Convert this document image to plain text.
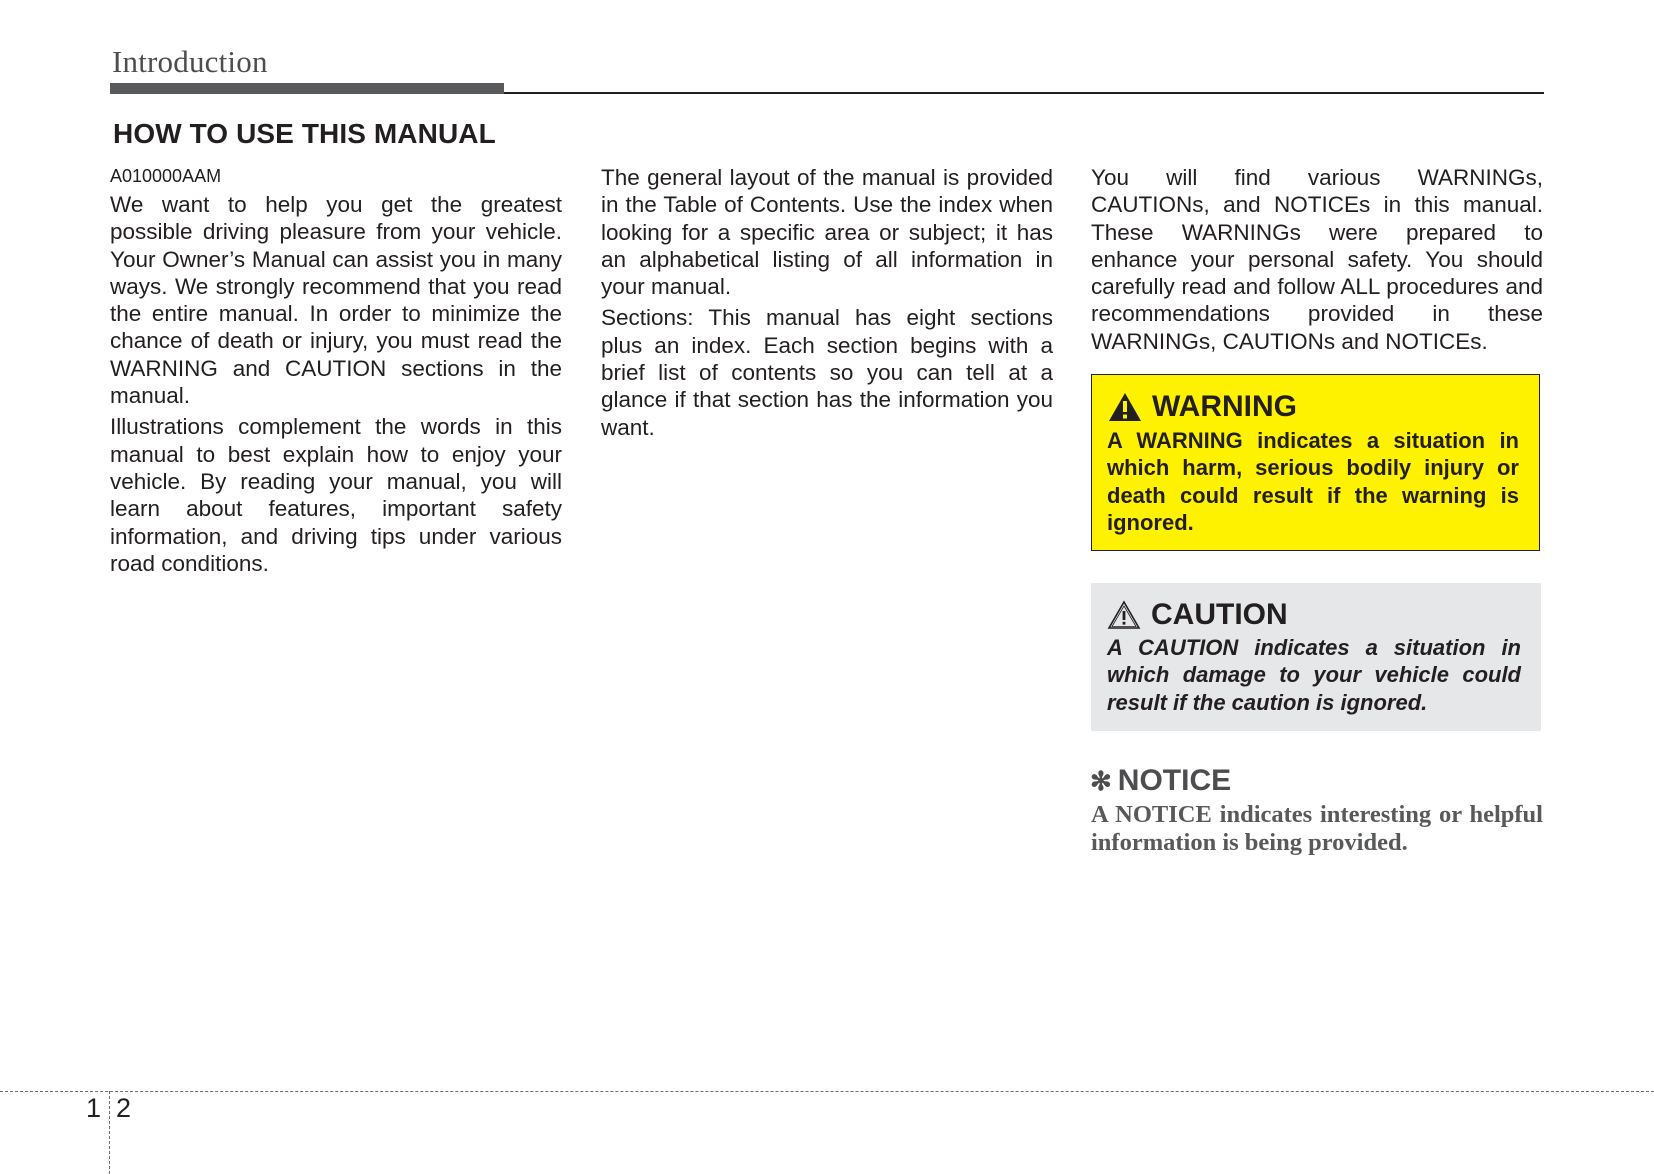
Introduction
HOW TO USE THIS MANUAL
A010000AAM

We want to help you get the greatest possible driving pleasure from your vehicle. Your Owner’s Manual can assist you in many ways. We strongly recommend that you read the entire manual. In order to minimize the chance of death or injury, you must read the WARNING and CAUTION sections in the manual.

Illustrations complement the words in this manual to best explain how to enjoy your vehicle. By reading your manual, you will learn about features, important safety information, and driving tips under various road conditions.

The general layout of the manual is provided in the Table of Contents. Use the index when looking for a specific area or subject; it has an alphabetical listing of all information in your manual.

Sections: This manual has eight sections plus an index. Each section begins with a brief list of contents so you can tell at a glance if that section has the information you want.

You will find various WARNINGs, CAUTIONs, and NOTICEs in this manual. These WARNINGs were prepared to enhance your personal safety. You should carefully read and follow ALL procedures and recommendations provided in these WARNINGs, CAUTIONs and NOTICEs.

WARNING
A WARNING indicates a situation in which harm, serious bodily injury or death could result if the warning is ignored.
CAUTION
A CAUTION indicates a situation in which damage to your vehicle could result if the caution is ignored.
✻ NOTICE
A NOTICE indicates interesting or helpful information is being provided.
1 2
